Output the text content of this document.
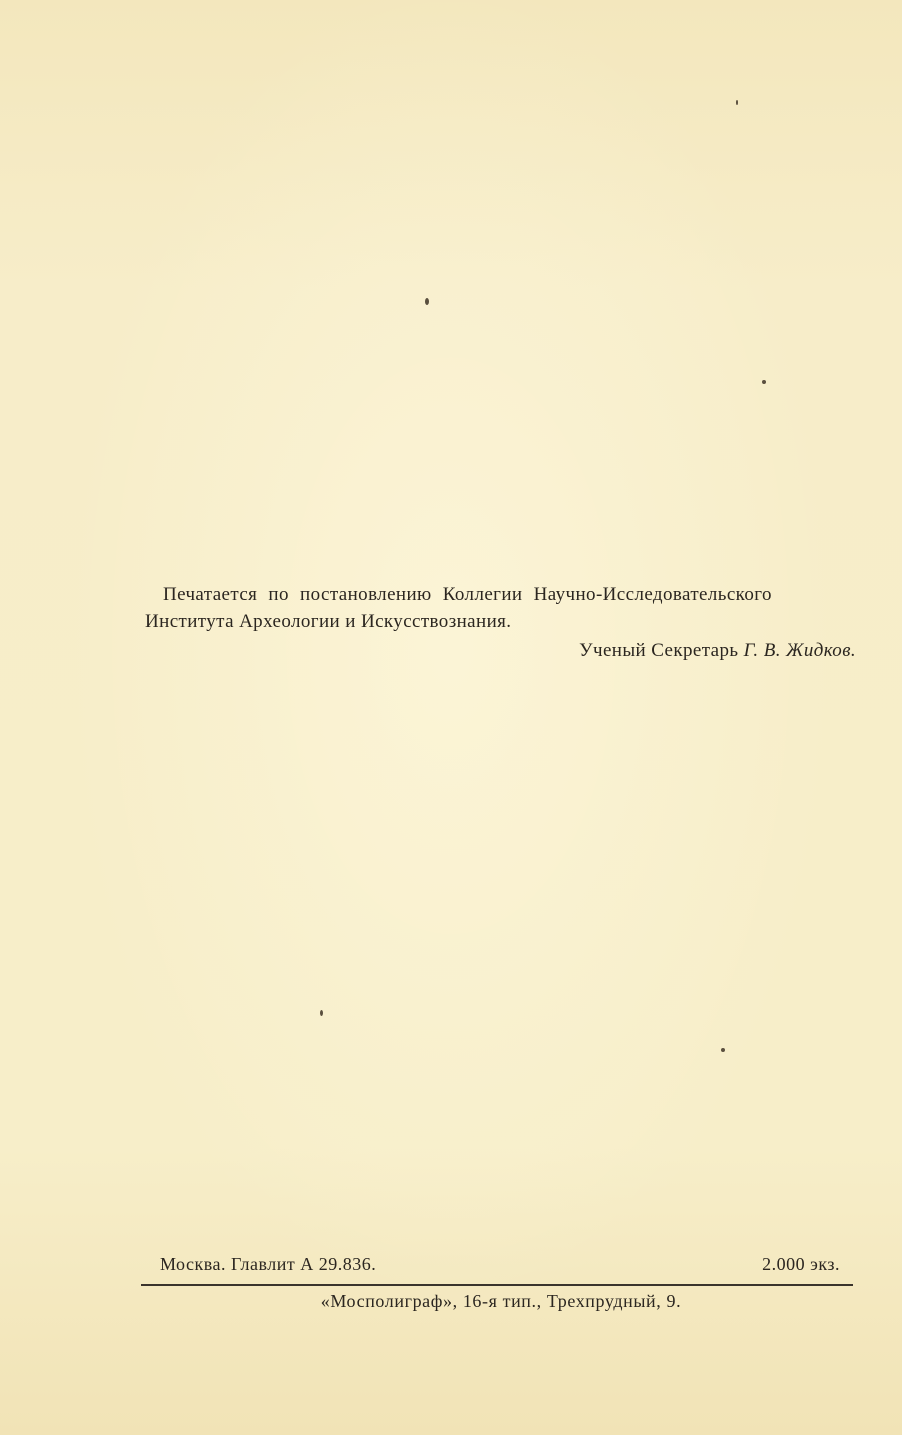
Печатается по постановлению Коллегии Научно-Исследовательского
Института Археологии и Искусствознания.
Ученый Секретарь Г. В. Жидков.
Москва. Главлит А 29.836.	2.000 экз.
«Мосполиграф», 16-я тип., Трехпрудный, 9.
